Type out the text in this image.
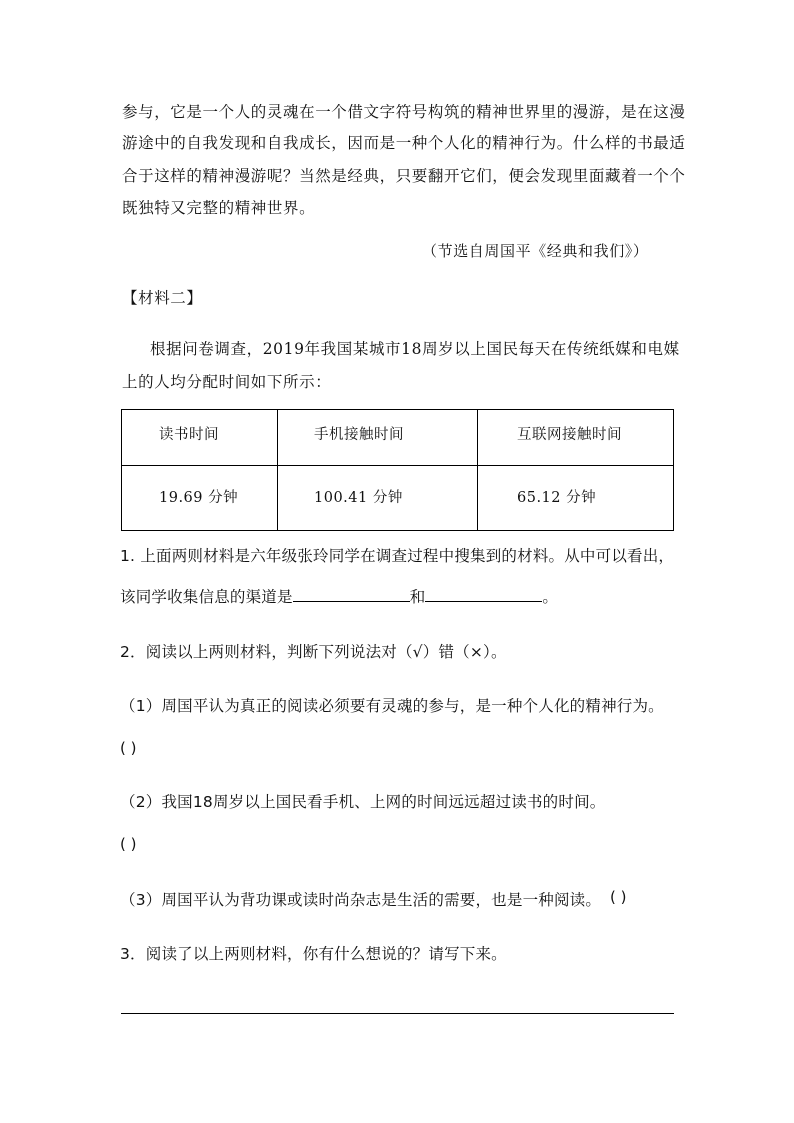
参与，它是一个人的灵魂在一个借文字符号构筑的精神世界里的漫游，是在这漫
游途中的自我发现和自我成长，因而是一种个人化的精神行为。什么样的书最适
合于这样的精神漫游呢？当然是经典，只要翻开它们，便会发现里面藏着一个个
既独特又完整的精神世界。
（节选自周国平《经典和我们》）
【材料二】
根据问卷调查，2019年我国某城市18周岁以上国民每天在传统纸媒和电媒
上的人均分配时间如下所示：
读书时间	手机接触时间	互联网接触时间

19.69 分钟	100.41 分钟	65.12 分钟
1. 上面两则材料是六年级张玲同学在调查过程中搜集到的材料。从中可以看出，
该同学收集信息的渠道是	和	。
2．阅读以上两则材料，判断下列说法对（√）错（×）。
（1）周国平认为真正的阅读必须要有灵魂的参与，是一种个人化的精神行为。
( )
（2）我国18周岁以上国民看手机、上网的时间远远超过读书的时间。
( )
（3）周国平认为背功课或读时尚杂志是生活的需要，也是一种阅读。 ( )
3．阅读了以上两则材料，你有什么想说的？请写下来。
